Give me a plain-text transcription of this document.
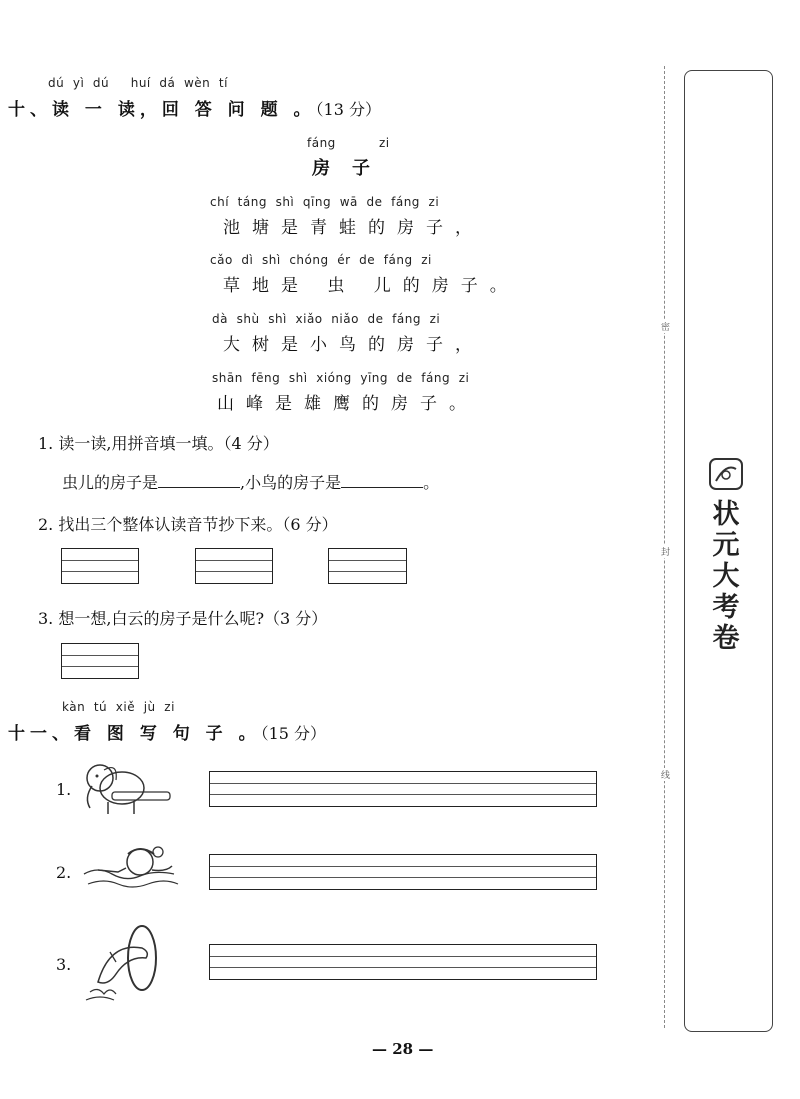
dú  yì  dú     huí  dá  wèn  tí
十、读 一 读，回 答 问 题 。（13 分）
fáng          zi
房子
chí  táng  shì  qīng  wā  de  fáng  zi
池塘是青蛙的房子，
cǎo  dì  shì  chóng  ér  de  fáng  zi
草地是 虫 儿的房子。
dà  shù  shì  xiǎo  niǎo  de  fáng  zi
大树是小鸟的房子，
shān  fēng  shì  xióng  yīng  de  fáng  zi
山峰是雄鹰的房子。
1. 读一读,用拼音填一填。（4 分）
虫儿的房子是	,小鸟的房子是	。
2. 找出三个整体认读音节抄下来。（6 分）
3. 想一想,白云的房子是什么呢?（3 分）
kàn  tú  xiě  jù  zi
十一、看 图 写 句 子 。（15 分）
1.
2.
3.
密
封
线
状元大考卷
— 28 —
